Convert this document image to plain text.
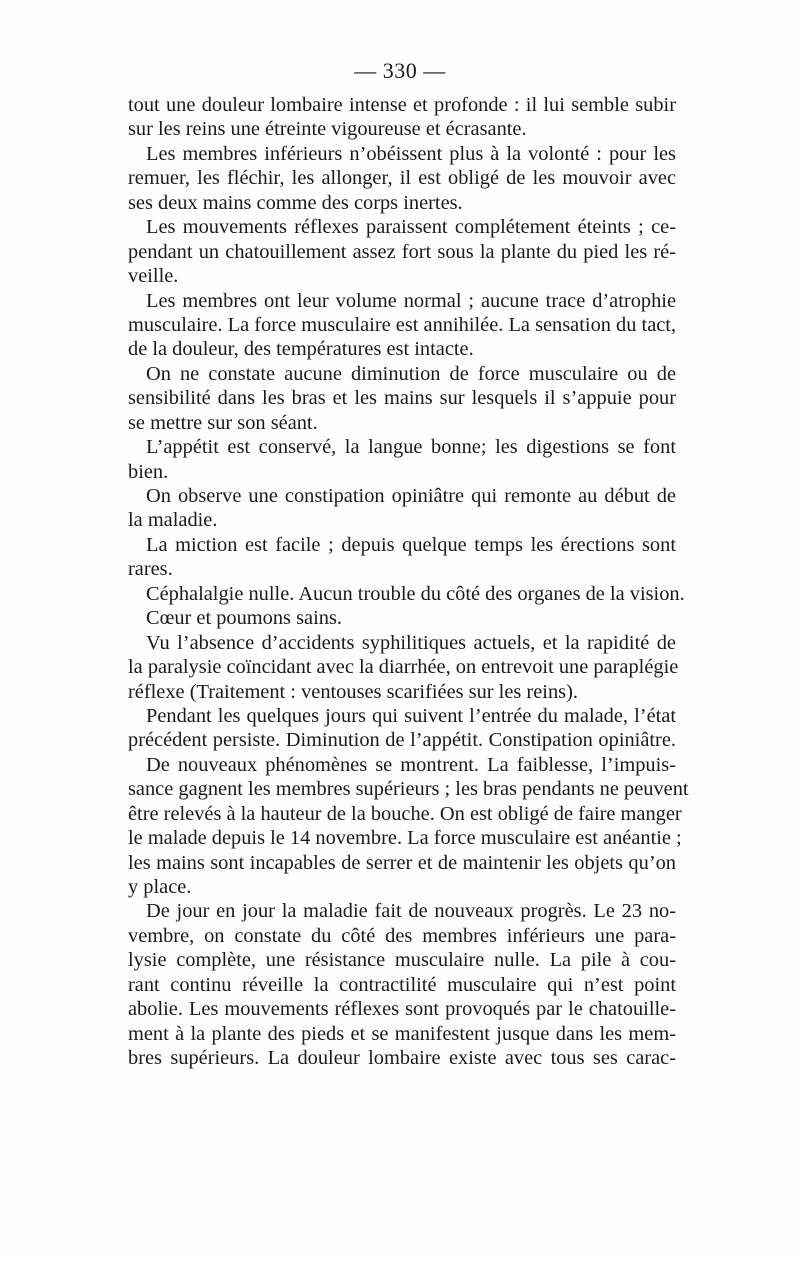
— 330 —
tout une douleur lombaire intense et profonde : il lui semble subir
sur les reins une étreinte vigoureuse et écrasante.
Les membres inférieurs n’obéissent plus à la volonté : pour les
remuer, les fléchir, les allonger, il est obligé de les mouvoir avec
ses deux mains comme des corps inertes.
Les mouvements réflexes paraissent complétement éteints ; ce-
pendant un chatouillement assez fort sous la plante du pied les ré-
veille.
Les membres ont leur volume normal ; aucune trace d’atrophie
musculaire. La force musculaire est annihilée. La sensation du tact,
de la douleur, des températures est intacte.
On ne constate aucune diminution de force musculaire ou de
sensibilité dans les bras et les mains sur lesquels il s’appuie pour
se mettre sur son séant.
L’appétit est conservé, la langue bonne; les digestions se font
bien.
On observe une constipation opiniâtre qui remonte au début de
la maladie.
La miction est facile ; depuis quelque temps les érections sont
rares.
Céphalalgie nulle. Aucun trouble du côté des organes de la vision.
Cœur et poumons sains.
Vu l’absence d’accidents syphilitiques actuels, et la rapidité de
la paralysie coïncidant avec la diarrhée, on entrevoit une paraplégie
réflexe (Traitement : ventouses scarifiées sur les reins).
Pendant les quelques jours qui suivent l’entrée du malade, l’état
précédent persiste. Diminution de l’appétit. Constipation opiniâtre.
De nouveaux phénomènes se montrent. La faiblesse, l’impuis-
sance gagnent les membres supérieurs ; les bras pendants ne peuvent
être relevés à la hauteur de la bouche. On est obligé de faire manger
le malade depuis le 14 novembre. La force musculaire est anéantie ;
les mains sont incapables de serrer et de maintenir les objets qu’on
y place.
De jour en jour la maladie fait de nouveaux progrès. Le 23 no-
vembre, on constate du côté des membres inférieurs une para-
lysie complète, une résistance musculaire nulle. La pile à cou-
rant continu réveille la contractilité musculaire qui n’est point
abolie. Les mouvements réflexes sont provoqués par le chatouille-
ment à la plante des pieds et se manifestent jusque dans les mem-
bres supérieurs. La douleur lombaire existe avec tous ses carac-
